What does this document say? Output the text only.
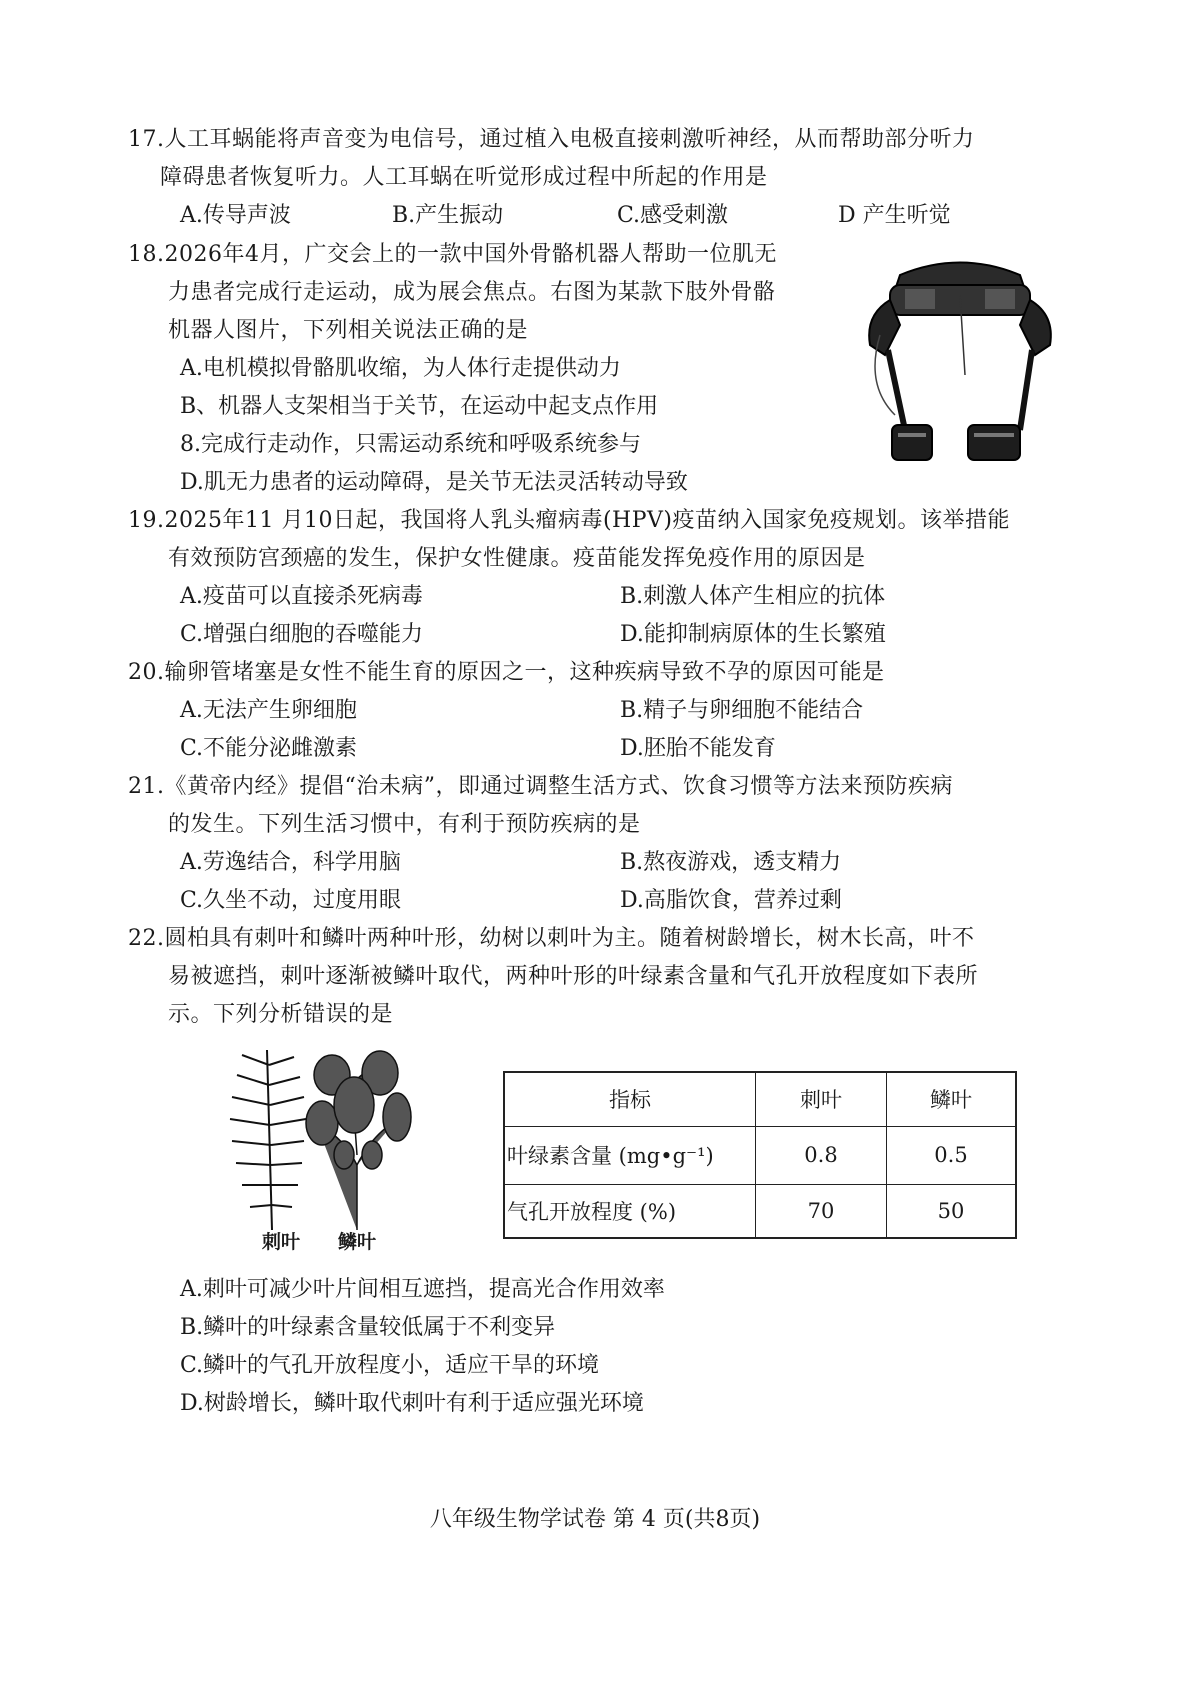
17.人工耳蜗能将声音变为电信号，通过植入电极直接刺激听神经，从而帮助部分听力
障碍患者恢复听力。人工耳蜗在听觉形成过程中所起的作用是
A.传导声波	B.产生振动	C.感受刺激	D 产生听觉
18.2026年4月，广交会上的一款中国外骨骼机器人帮助一位肌无
力患者完成行走运动，成为展会焦点。右图为某款下肢外骨骼
机器人图片，下列相关说法正确的是
A.电机模拟骨骼肌收缩，为人体行走提供动力
B、机器人支架相当于关节，在运动中起支点作用
8.完成行走动作，只需运动系统和呼吸系统参与
D.肌无力患者的运动障碍，是关节无法灵活转动导致
19.2025年11 月10日起，我国将人乳头瘤病毒(HPV)疫苗纳入国家免疫规划。该举措能
有效预防宫颈癌的发生，保护女性健康。疫苗能发挥免疫作用的原因是
A.疫苗可以直接杀死病毒	B.刺激人体产生相应的抗体
C.增强白细胞的吞噬能力	D.能抑制病原体的生长繁殖
20.输卵管堵塞是女性不能生育的原因之一，这种疾病导致不孕的原因可能是
A.无法产生卵细胞	B.精子与卵细胞不能结合
C.不能分泌雌激素	D.胚胎不能发育
21.《黄帝内经》提倡“治未病”，即通过调整生活方式、饮食习惯等方法来预防疾病
的发生。下列生活习惯中，有利于预防疾病的是
A.劳逸结合，科学用脑	B.熬夜游戏，透支精力
C.久坐不动，过度用眼	D.高脂饮食，营养过剩
22.圆柏具有刺叶和鳞叶两种叶形，幼树以刺叶为主。随着树龄增长，树木长高，叶不
易被遮挡，刺叶逐渐被鳞叶取代，两种叶形的叶绿素含量和气孔开放程度如下表所
示。下列分析错误的是
刺叶 鳞叶
指标	刺叶	鳞叶
叶绿素含量 (mg•g⁻¹)	0.8	0.5
气孔开放程度 (%)	70	50
A.刺叶可减少叶片间相互遮挡，提高光合作用效率
B.鳞叶的叶绿素含量较低属于不利变异
C.鳞叶的气孔开放程度小，适应干旱的环境
D.树龄增长，鳞叶取代刺叶有利于适应强光环境
八年级生物学试卷 第 4 页(共8页)
